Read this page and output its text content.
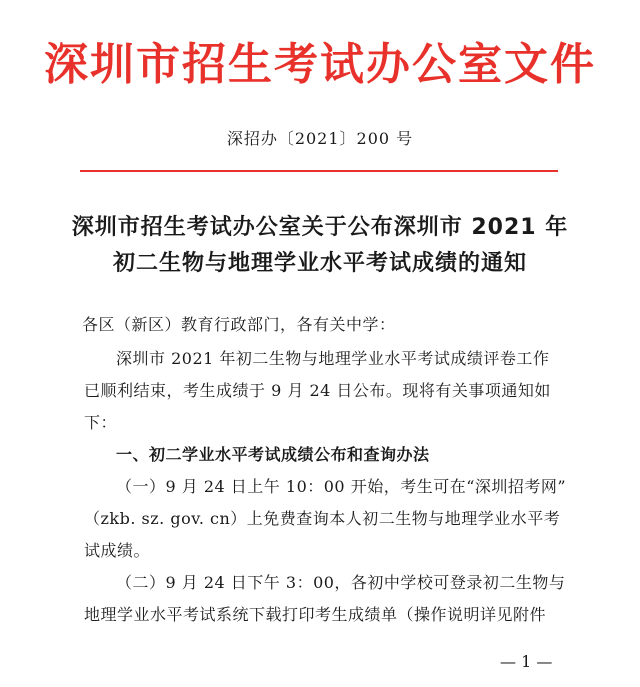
深圳市招生考试办公室文件
深招办〔2021〕200 号
深圳市招生考试办公室关于公布深圳市 2021 年
初二生物与地理学业水平考试成绩的通知
各区（新区）教育行政部门，各有关中学：
深圳市 2021 年初二生物与地理学业水平考试成绩评卷工作
已顺利结束，考生成绩于 9 月 24 日公布。现将有关事项通知如
下：
一、初二学业水平考试成绩公布和查询办法
（一）9 月 24 日上午 10：00 开始，考生可在“深圳招考网”
（zkb. sz. gov. cn）上免费查询本人初二生物与地理学业水平考
试成绩。
（二）9 月 24 日下午 3：00，各初中学校可登录初二生物与
地理学业水平考试系统下载打印考生成绩单（操作说明详见附件
— 1 —
